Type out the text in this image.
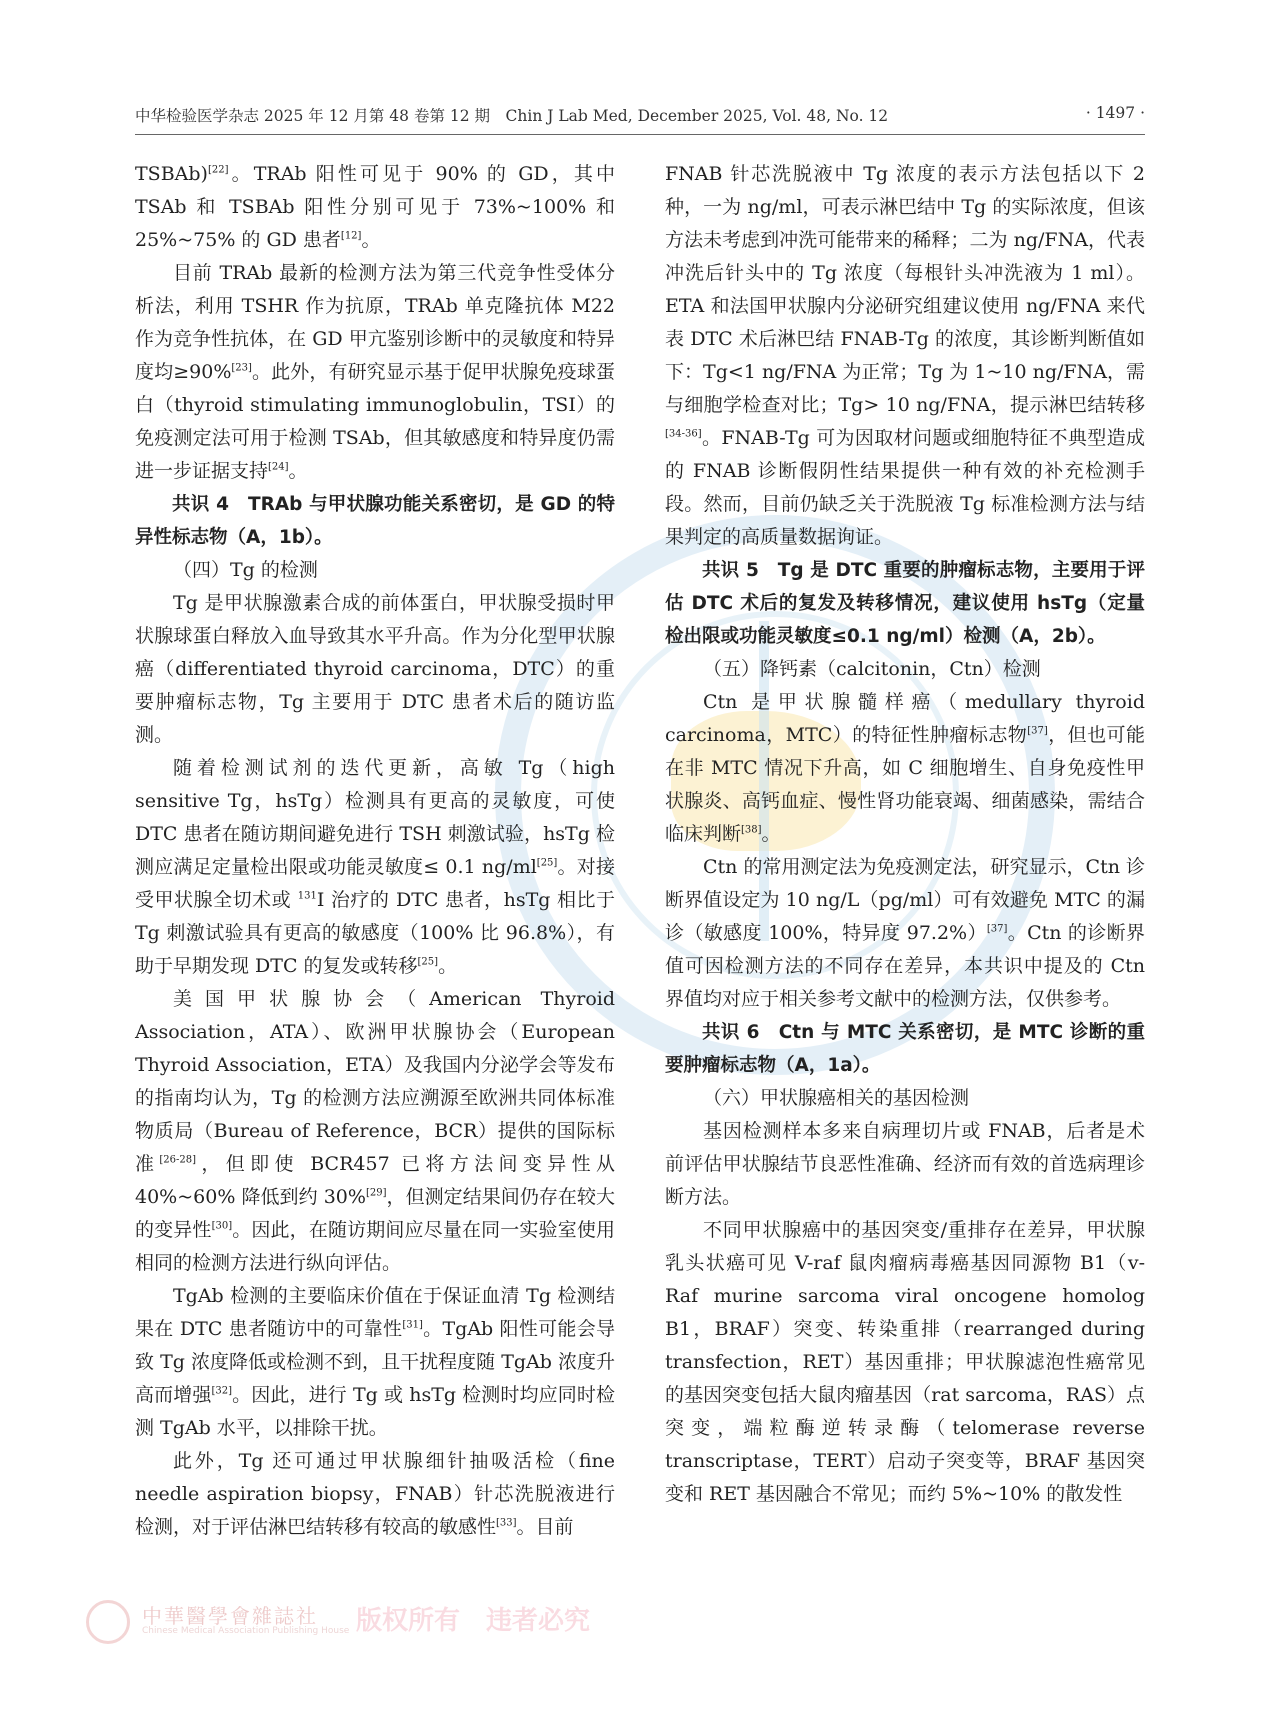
中华检验医学杂志 2025 年 12 月第 48 卷第 12 期　Chin J Lab Med, December 2025, Vol. 48, No. 12	· 1497 ·

TSBAb)[22]。TRAb 阳性可见于 90% 的 GD，其中 TSAb 和 TSBAb 阳性分别可见于 73%~100% 和 25%~75% 的 GD 患者[12]。

目前 TRAb 最新的检测方法为第三代竞争性受体分析法，利用 TSHR 作为抗原，TRAb 单克隆抗体 M22 作为竞争性抗体，在 GD 甲亢鉴别诊断中的灵敏度和特异度均≥90%[23]。此外，有研究显示基于促甲状腺免疫球蛋白（thyroid stimulating immunoglobulin，TSI）的免疫测定法可用于检测 TSAb，但其敏感度和特异度仍需进一步证据支持[24]。

共识 4　TRAb 与甲状腺功能关系密切，是 GD 的特异性标志物（A，1b）。

（四）Tg 的检测

Tg 是甲状腺激素合成的前体蛋白，甲状腺受损时甲状腺球蛋白释放入血导致其水平升高。作为分化型甲状腺癌（differentiated thyroid carcinoma，DTC）的重要肿瘤标志物，Tg 主要用于 DTC 患者术后的随访监测。

随着检测试剂的迭代更新，高敏 Tg（high sensitive Tg，hsTg）检测具有更高的灵敏度，可使 DTC 患者在随访期间避免进行 TSH 刺激试验，hsTg 检测应满足定量检出限或功能灵敏度≤ 0.1 ng/ml[25]。对接受甲状腺全切术或 $^{131}$I 治疗的 DTC 患者，hsTg 相比于 Tg 刺激试验具有更高的敏感度（100% 比 96.8%），有助于早期发现 DTC 的复发或转移[25]。

美国甲状腺协会（American Thyroid Association，ATA）、欧洲甲状腺协会（European Thyroid Association，ETA）及我国内分泌学会等发布的指南均认为，Tg 的检测方法应溯源至欧洲共同体标准物质局（Bureau of Reference，BCR）提供的国际标准[26-28]，但即使 BCR457 已将方法间变异性从 40%~60% 降低到约 30%[29]，但测定结果间仍存在较大的变异性[30]。因此，在随访期间应尽量在同一实验室使用相同的检测方法进行纵向评估。

TgAb 检测的主要临床价值在于保证血清 Tg 检测结果在 DTC 患者随访中的可靠性[31]。TgAb 阳性可能会导致 Tg 浓度降低或检测不到，且干扰程度随 TgAb 浓度升高而增强[32]。因此，进行 Tg 或 hsTg 检测时均应同时检测 TgAb 水平，以排除干扰。

此外，Tg 还可通过甲状腺细针抽吸活检（fine needle aspiration biopsy，FNAB）针芯洗脱液进行检测，对于评估淋巴结转移有较高的敏感性[33]。目前

FNAB 针芯洗脱液中 Tg 浓度的表示方法包括以下 2 种，一为 ng/ml，可表示淋巴结中 Tg 的实际浓度，但该方法未考虑到冲洗可能带来的稀释；二为 ng/FNA，代表冲洗后针头中的 Tg 浓度（每根针头冲洗液为 1 ml）。ETA 和法国甲状腺内分泌研究组建议使用 ng/FNA 来代表 DTC 术后淋巴结 FNAB-Tg 的浓度，其诊断判断值如下：Tg<1 ng/FNA 为正常；Tg 为 1~10 ng/FNA，需与细胞学检查对比；Tg> 10 ng/FNA，提示淋巴结转移[34-36]。FNAB-Tg 可为因取材问题或细胞特征不典型造成的 FNAB 诊断假阴性结果提供一种有效的补充检测手段。然而，目前仍缺乏关于洗脱液 Tg 标准检测方法与结果判定的高质量数据询证。

共识 5　Tg 是 DTC 重要的肿瘤标志物，主要用于评估 DTC 术后的复发及转移情况，建议使用 hsTg（定量检出限或功能灵敏度≤0.1 ng/ml）检测（A，2b）。

（五）降钙素（calcitonin，Ctn）检测

Ctn 是甲状腺髓样癌（medullary thyroid carcinoma，MTC）的特征性肿瘤标志物[37]，但也可能在非 MTC 情况下升高，如 C 细胞增生、自身免疫性甲状腺炎、高钙血症、慢性肾功能衰竭、细菌感染，需结合临床判断[38]。

Ctn 的常用测定法为免疫测定法，研究显示，Ctn 诊断界值设定为 10 ng/L（pg/ml）可有效避免 MTC 的漏诊（敏感度 100%，特异度 97.2%）[37]。Ctn 的诊断界值可因检测方法的不同存在差异，本共识中提及的 Ctn 界值均对应于相关参考文献中的检测方法，仅供参考。

共识 6　Ctn 与 MTC 关系密切，是 MTC 诊断的重要肿瘤标志物（A，1a）。

（六）甲状腺癌相关的基因检测

基因检测样本多来自病理切片或 FNAB，后者是术前评估甲状腺结节良恶性准确、经济而有效的首选病理诊断方法。

不同甲状腺癌中的基因突变/重排存在差异，甲状腺乳头状癌可见 V-raf 鼠肉瘤病毒癌基因同源物 B1（v-Raf murine sarcoma viral oncogene homolog B1，BRAF）突变、转染重排（rearranged during transfection，RET）基因重排；甲状腺滤泡性癌常见的基因突变包括大鼠肉瘤基因（rat sarcoma，RAS）点突变，端粒酶逆转录酶（telomerase reverse transcriptase，TERT）启动子突变等，BRAF 基因突变和 RET 基因融合不常见；而约 5%~10% 的散发性

中華醫學會雜誌社
Chinese Medical Association Publishing House 版权所有　违者必究
